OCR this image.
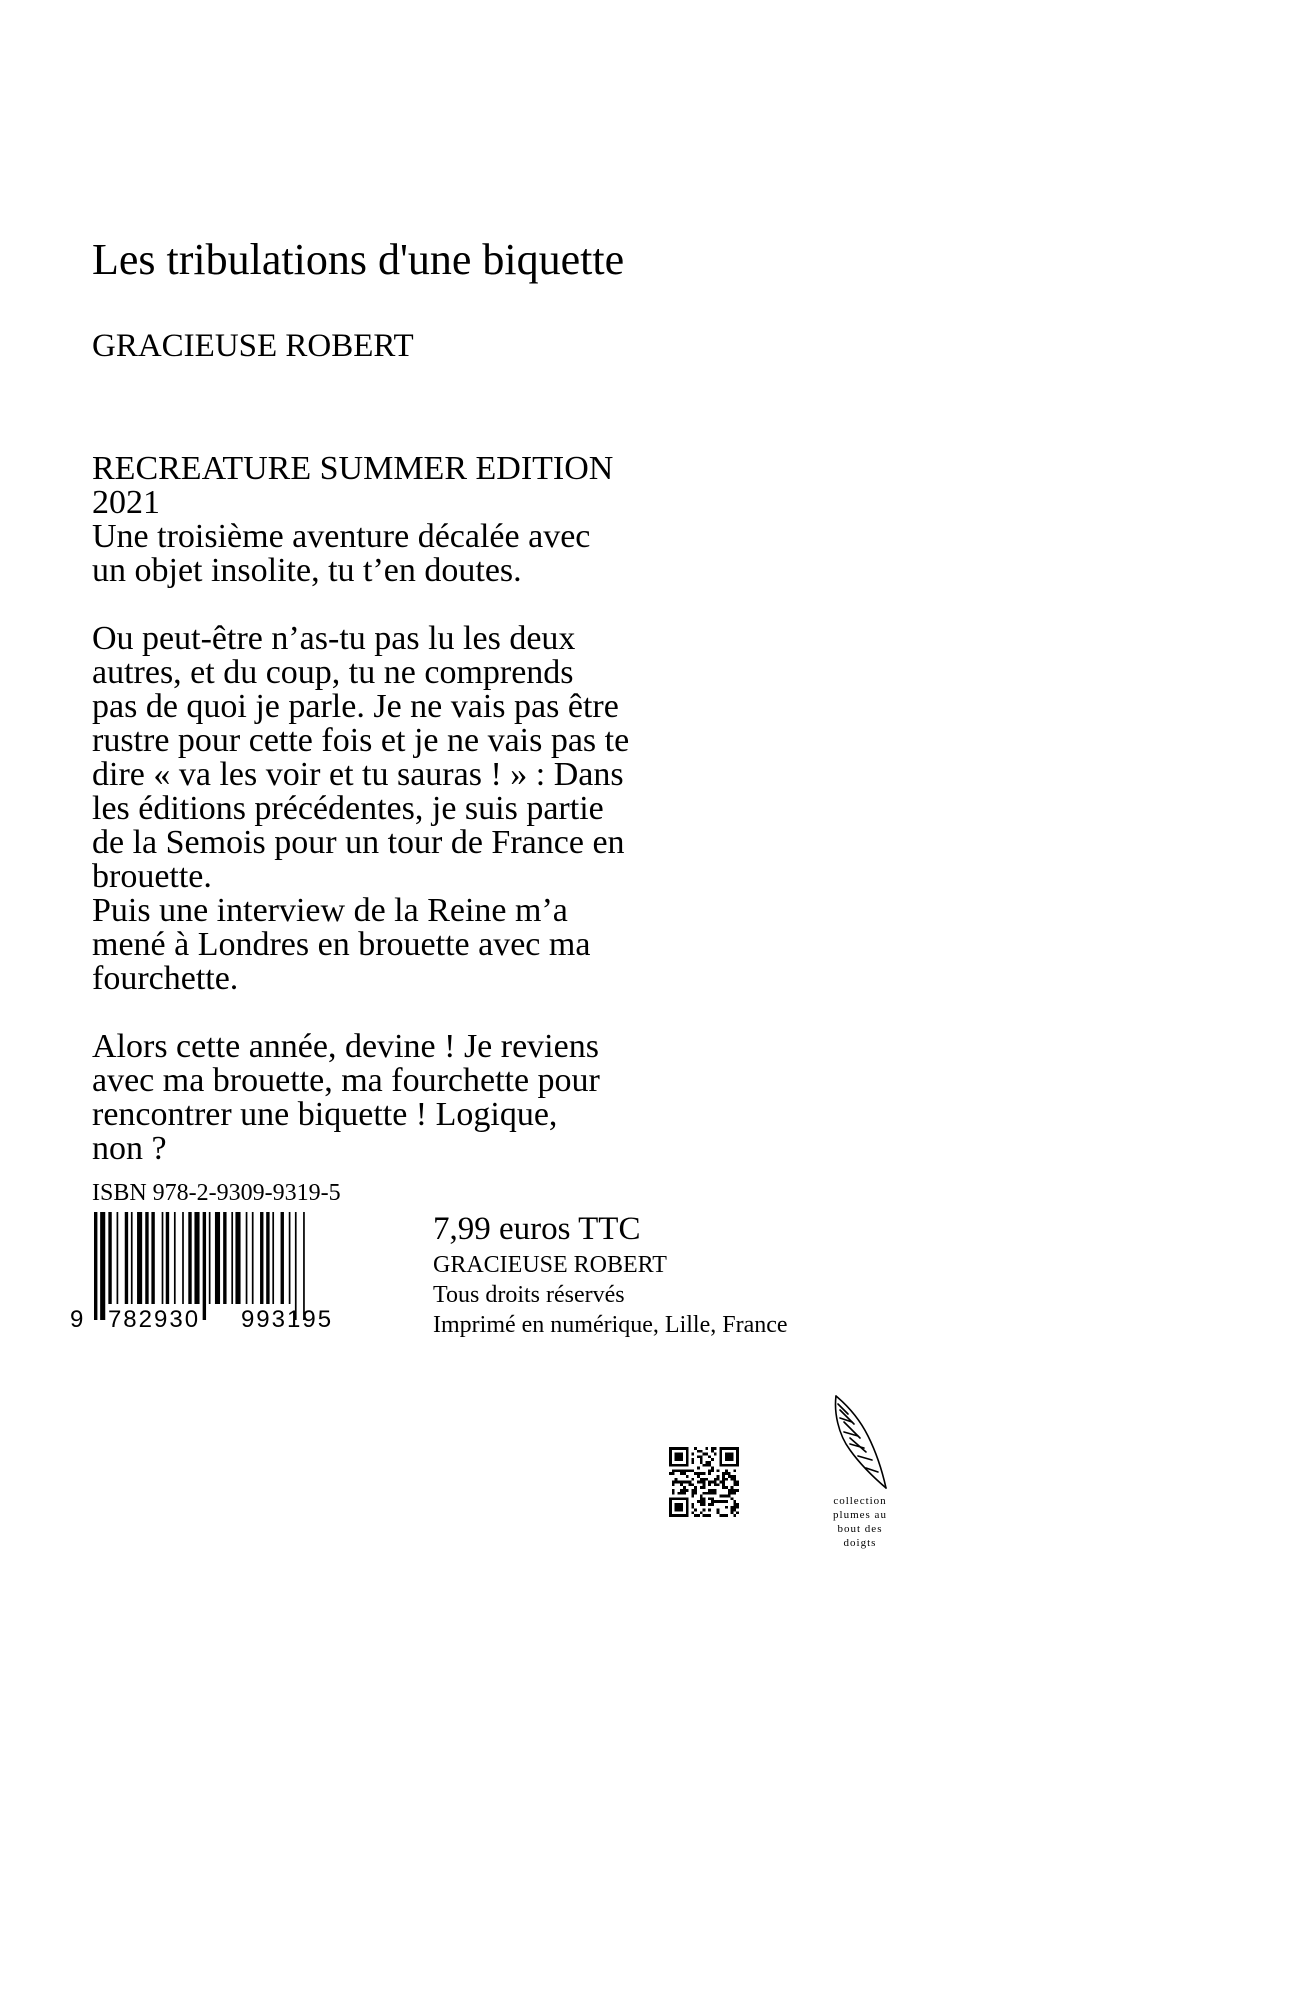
Les tribulations d'une biquette
GRACIEUSE ROBERT

RECREATURE SUMMER EDITION
2021
Une troisième aventure décalée avec
un objet insolite, tu t’en doutes.

Ou peut-être n’as-tu pas lu les deux
autres, et du coup, tu ne comprends
pas de quoi je parle. Je ne vais pas être
rustre pour cette fois et je ne vais pas te
dire « va les voir et tu sauras ! » : Dans
les éditions précédentes, je suis partie
de la Semois pour un tour de France en
brouette.
Puis une interview de la Reine m’a
mené à Londres en brouette avec ma
fourchette.

Alors cette année, devine ! Je reviens
avec ma brouette, ma fourchette pour
rencontrer une biquette ! Logique,
non ?

ISBN 978-2-9309-9319-5
9 782930 993195
7,99 euros TTC
GRACIEUSE ROBERT
Tous droits réservés
Imprimé en numérique, Lille, France
collection
plumes au
bout des
doigts
